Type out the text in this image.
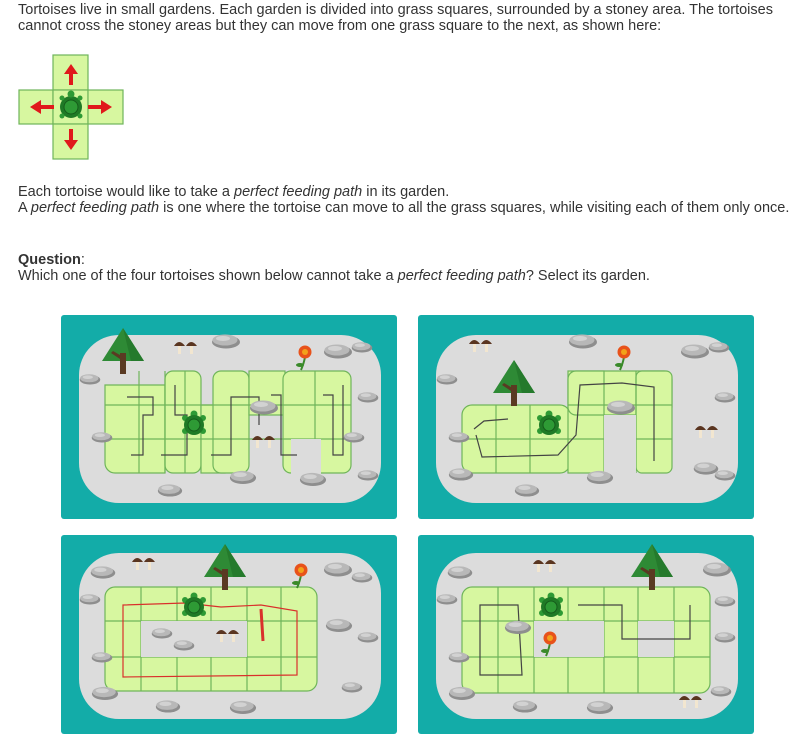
Tortoises live in small gardens. Each garden is divided into grass squares, surrounded by a stoney area. The tortoises cannot cross the stoney areas but they can move from one grass square to the next, as shown here:
Each tortoise would like to take a perfect feeding path in its garden.
A perfect feeding path is one where the tortoise can move to all the grass squares, while visiting each of them only once.
Question:
Which one of the four tortoises shown below cannot take a perfect feeding path? Select its garden.
